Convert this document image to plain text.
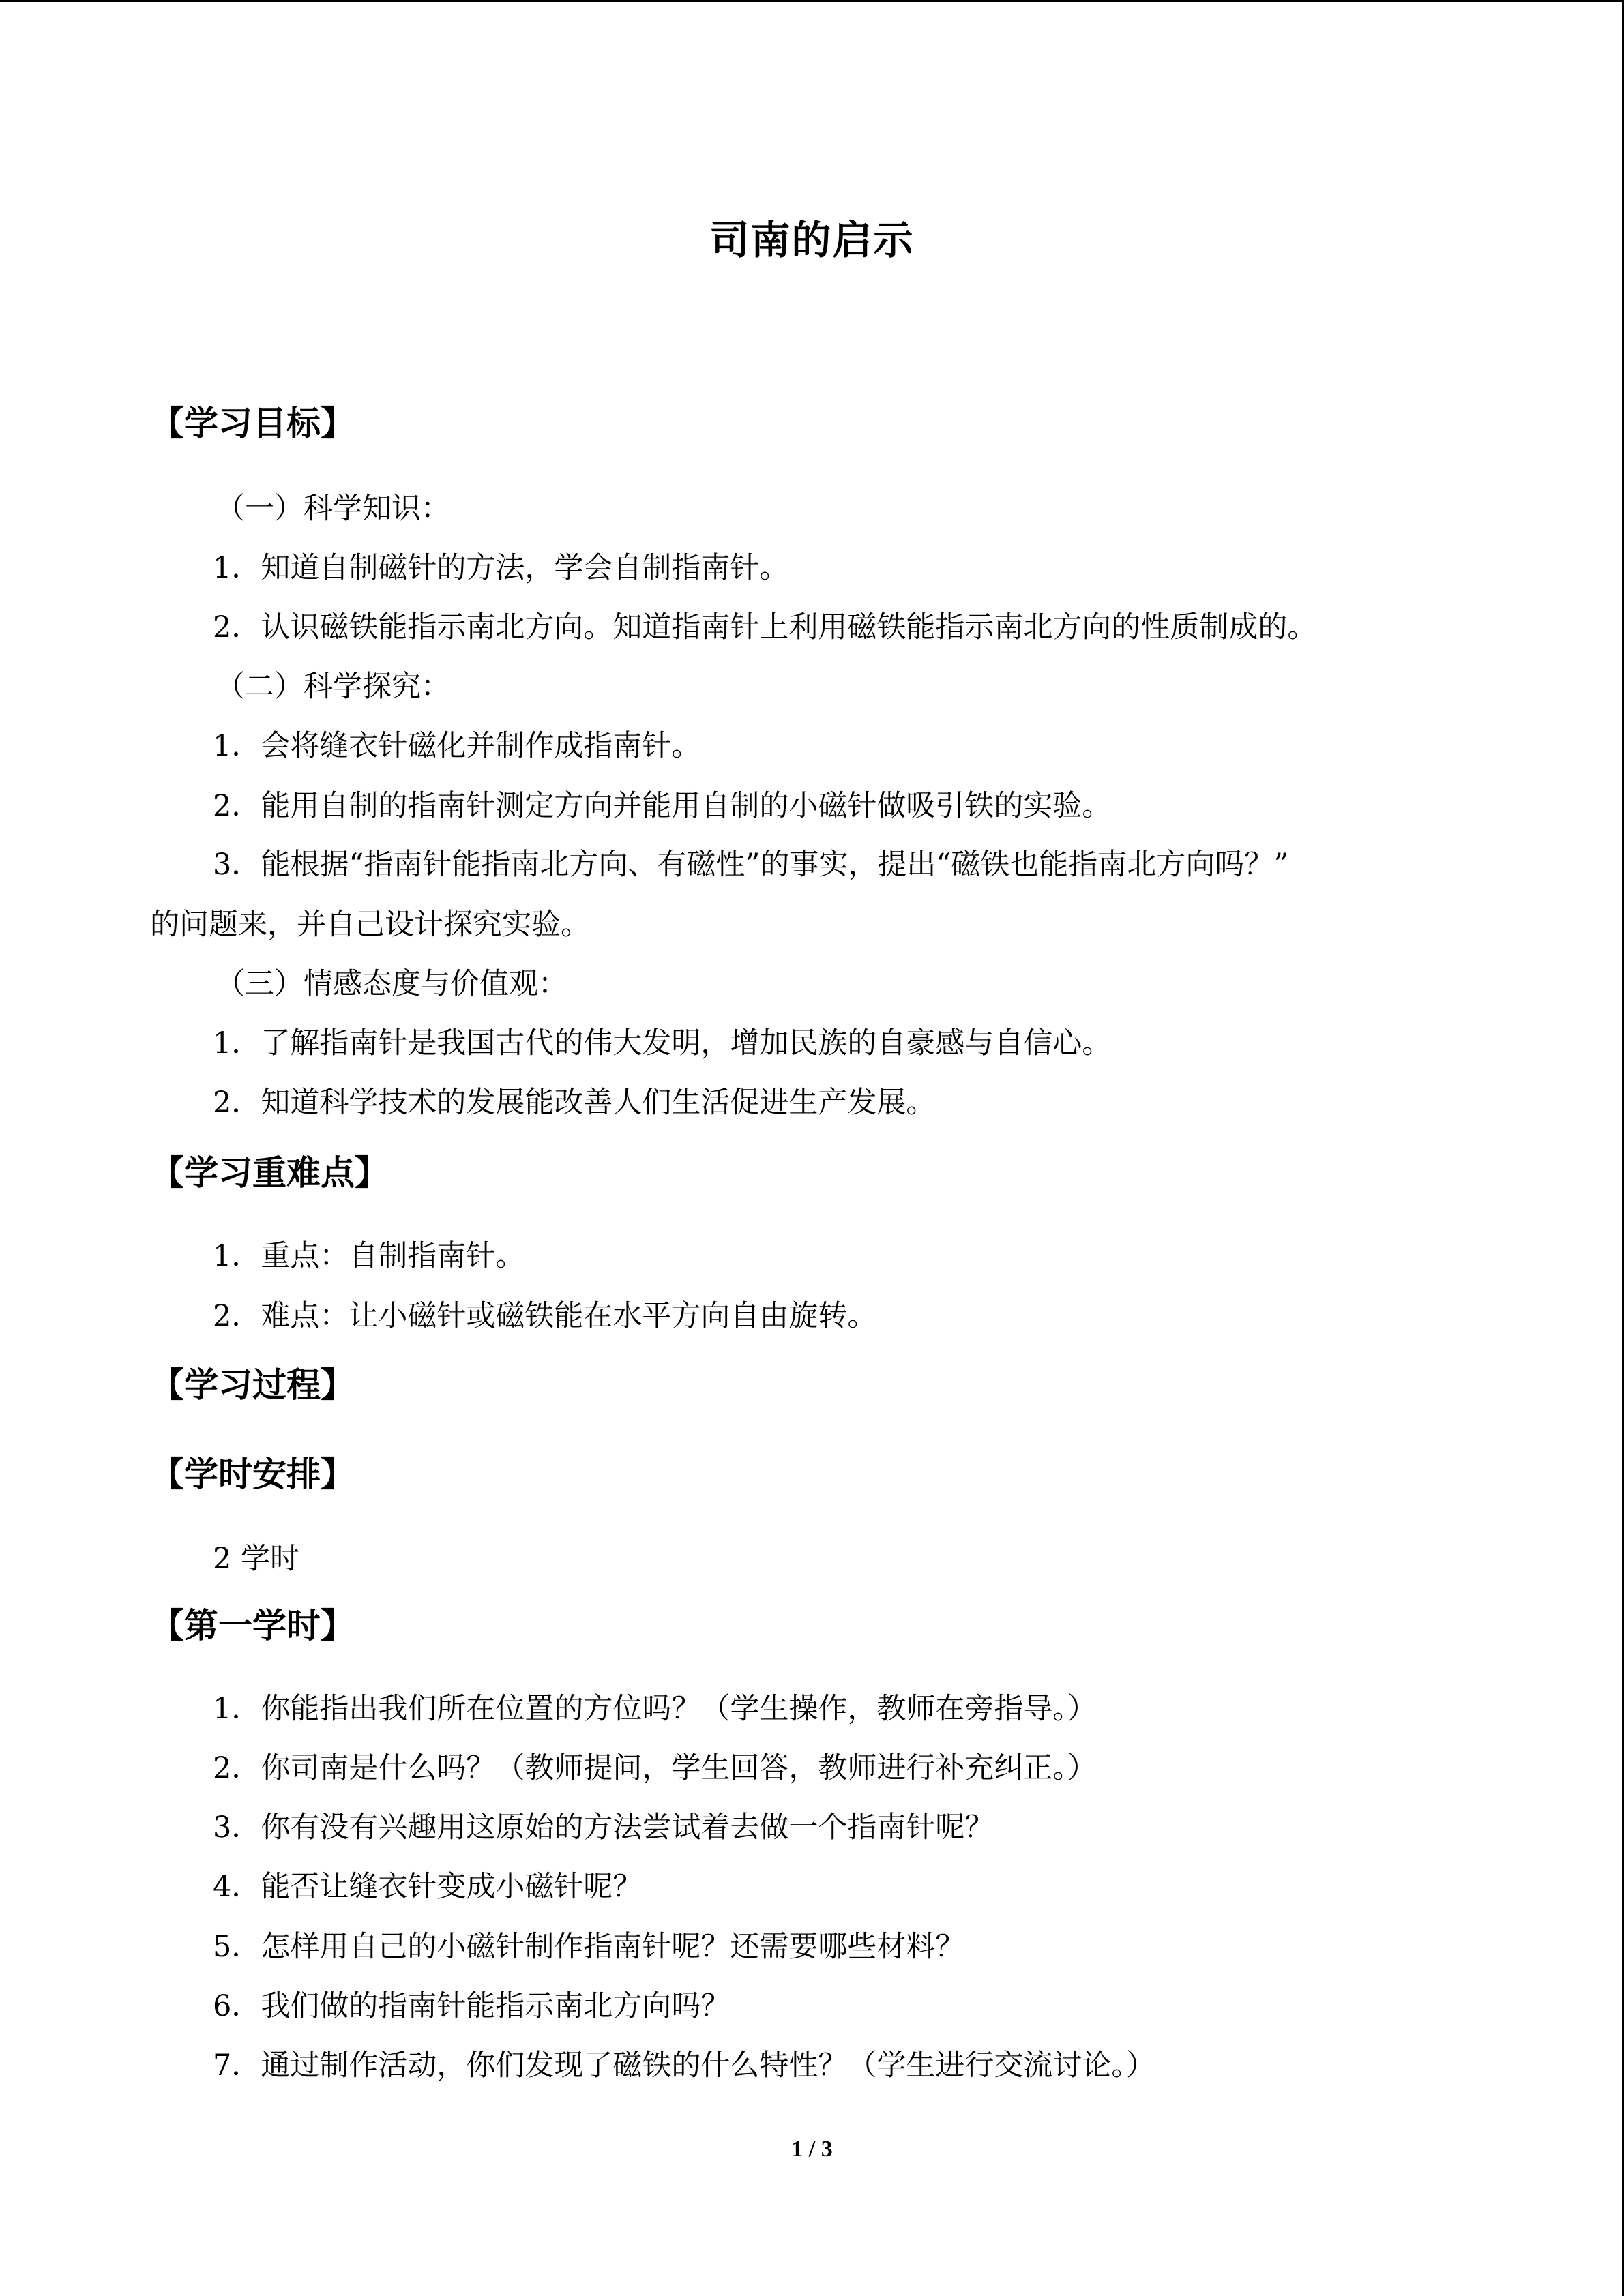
司南的启示
【学习目标】
（一）科学知识：
1．知道自制磁针的方法，学会自制指南针。
2．认识磁铁能指示南北方向。知道指南针上利用磁铁能指示南北方向的性质制成的。
（二）科学探究：
1．会将缝衣针磁化并制作成指南针。
2．能用自制的指南针测定方向并能用自制的小磁针做吸引铁的实验。
3．能根据“指南针能指南北方向、有磁性”的事实，提出“磁铁也能指南北方向吗？”
的问题来，并自己设计探究实验。
（三）情感态度与价值观：
1．了解指南针是我国古代的伟大发明，增加民族的自豪感与自信心。
2．知道科学技术的发展能改善人们生活促进生产发展。
【学习重难点】
1．重点：自制指南针。
2．难点：让小磁针或磁铁能在水平方向自由旋转。
【学习过程】
【学时安排】
2 学时
【第一学时】
1．你能指出我们所在位置的方位吗？（学生操作，教师在旁指导。）
2．你司南是什么吗？（教师提问，学生回答，教师进行补充纠正。）
3．你有没有兴趣用这原始的方法尝试着去做一个指南针呢？
4．能否让缝衣针变成小磁针呢？
5．怎样用自己的小磁针制作指南针呢？还需要哪些材料？
6．我们做的指南针能指示南北方向吗？
7．通过制作活动，你们发现了磁铁的什么特性？（学生进行交流讨论。）
1 / 3
